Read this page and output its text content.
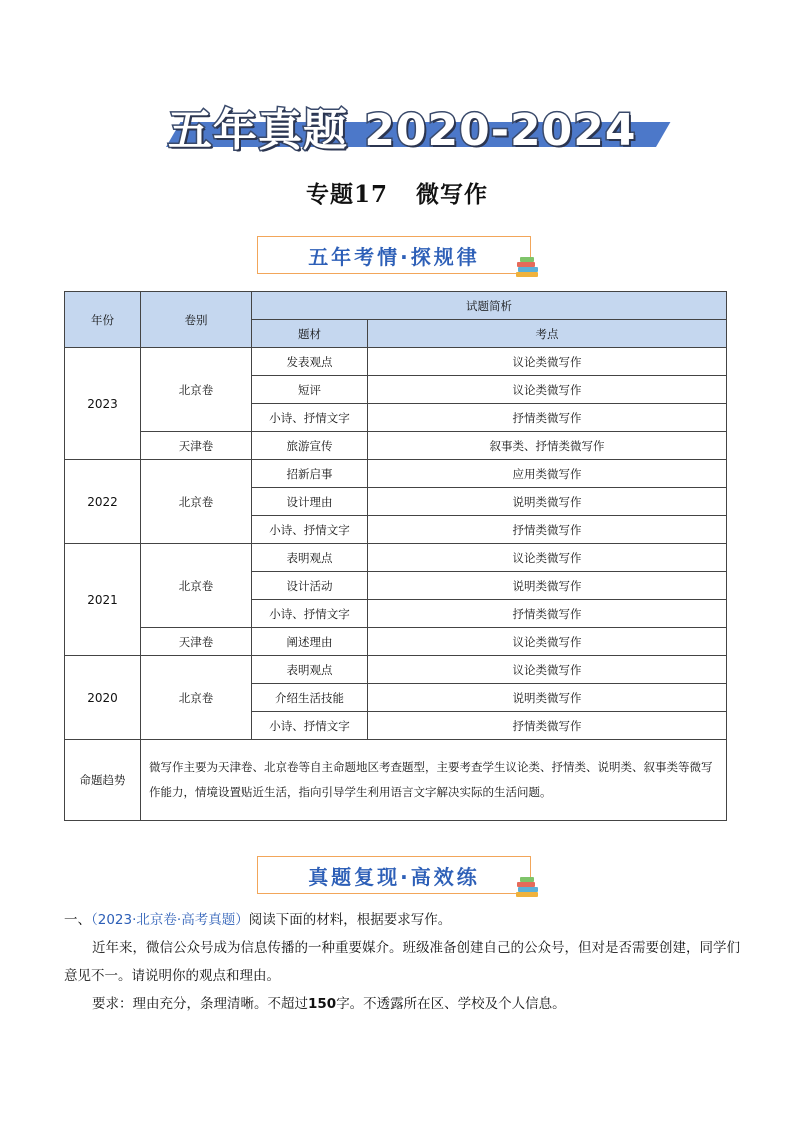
五年真题 2020-2024
专题17 微写作
五年考情·探规律
年份	卷别	试题简析	
		题材	考点
2023	北京卷	发表观点	议论类微写作
		短评	议论类微写作
		小诗、抒情文字	抒情类微写作
	天津卷	旅游宣传	叙事类、抒情类微写作
2022	北京卷	招新启事	应用类微写作
		设计理由	说明类微写作
		小诗、抒情文字	抒情类微写作
2021	北京卷	表明观点	议论类微写作
		设计活动	说明类微写作
		小诗、抒情文字	抒情类微写作
	天津卷	阐述理由	议论类微写作
2020	北京卷	表明观点	议论类微写作
		介绍生活技能	说明类微写作
		小诗、抒情文字	抒情类微写作
命题趋势	微写作主要为天津卷、北京卷等自主命题地区考查题型，主要考查学生议论类、抒情类、说明类、叙事类等微写作能力，情境设置贴近生活，指向引导学生利用语言文字解决实际的生活问题。		
真题复现·高效练
一、（2023·北京卷·高考真题）阅读下面的材料，根据要求写作。
近年来，微信公众号成为信息传播的一种重要媒介。班级准备创建自己的公众号，但对是否需要创建，同学们意见不一。请说明你的观点和理由。
要求：理由充分，条理清晰。不超过150字。不透露所在区、学校及个人信息。
